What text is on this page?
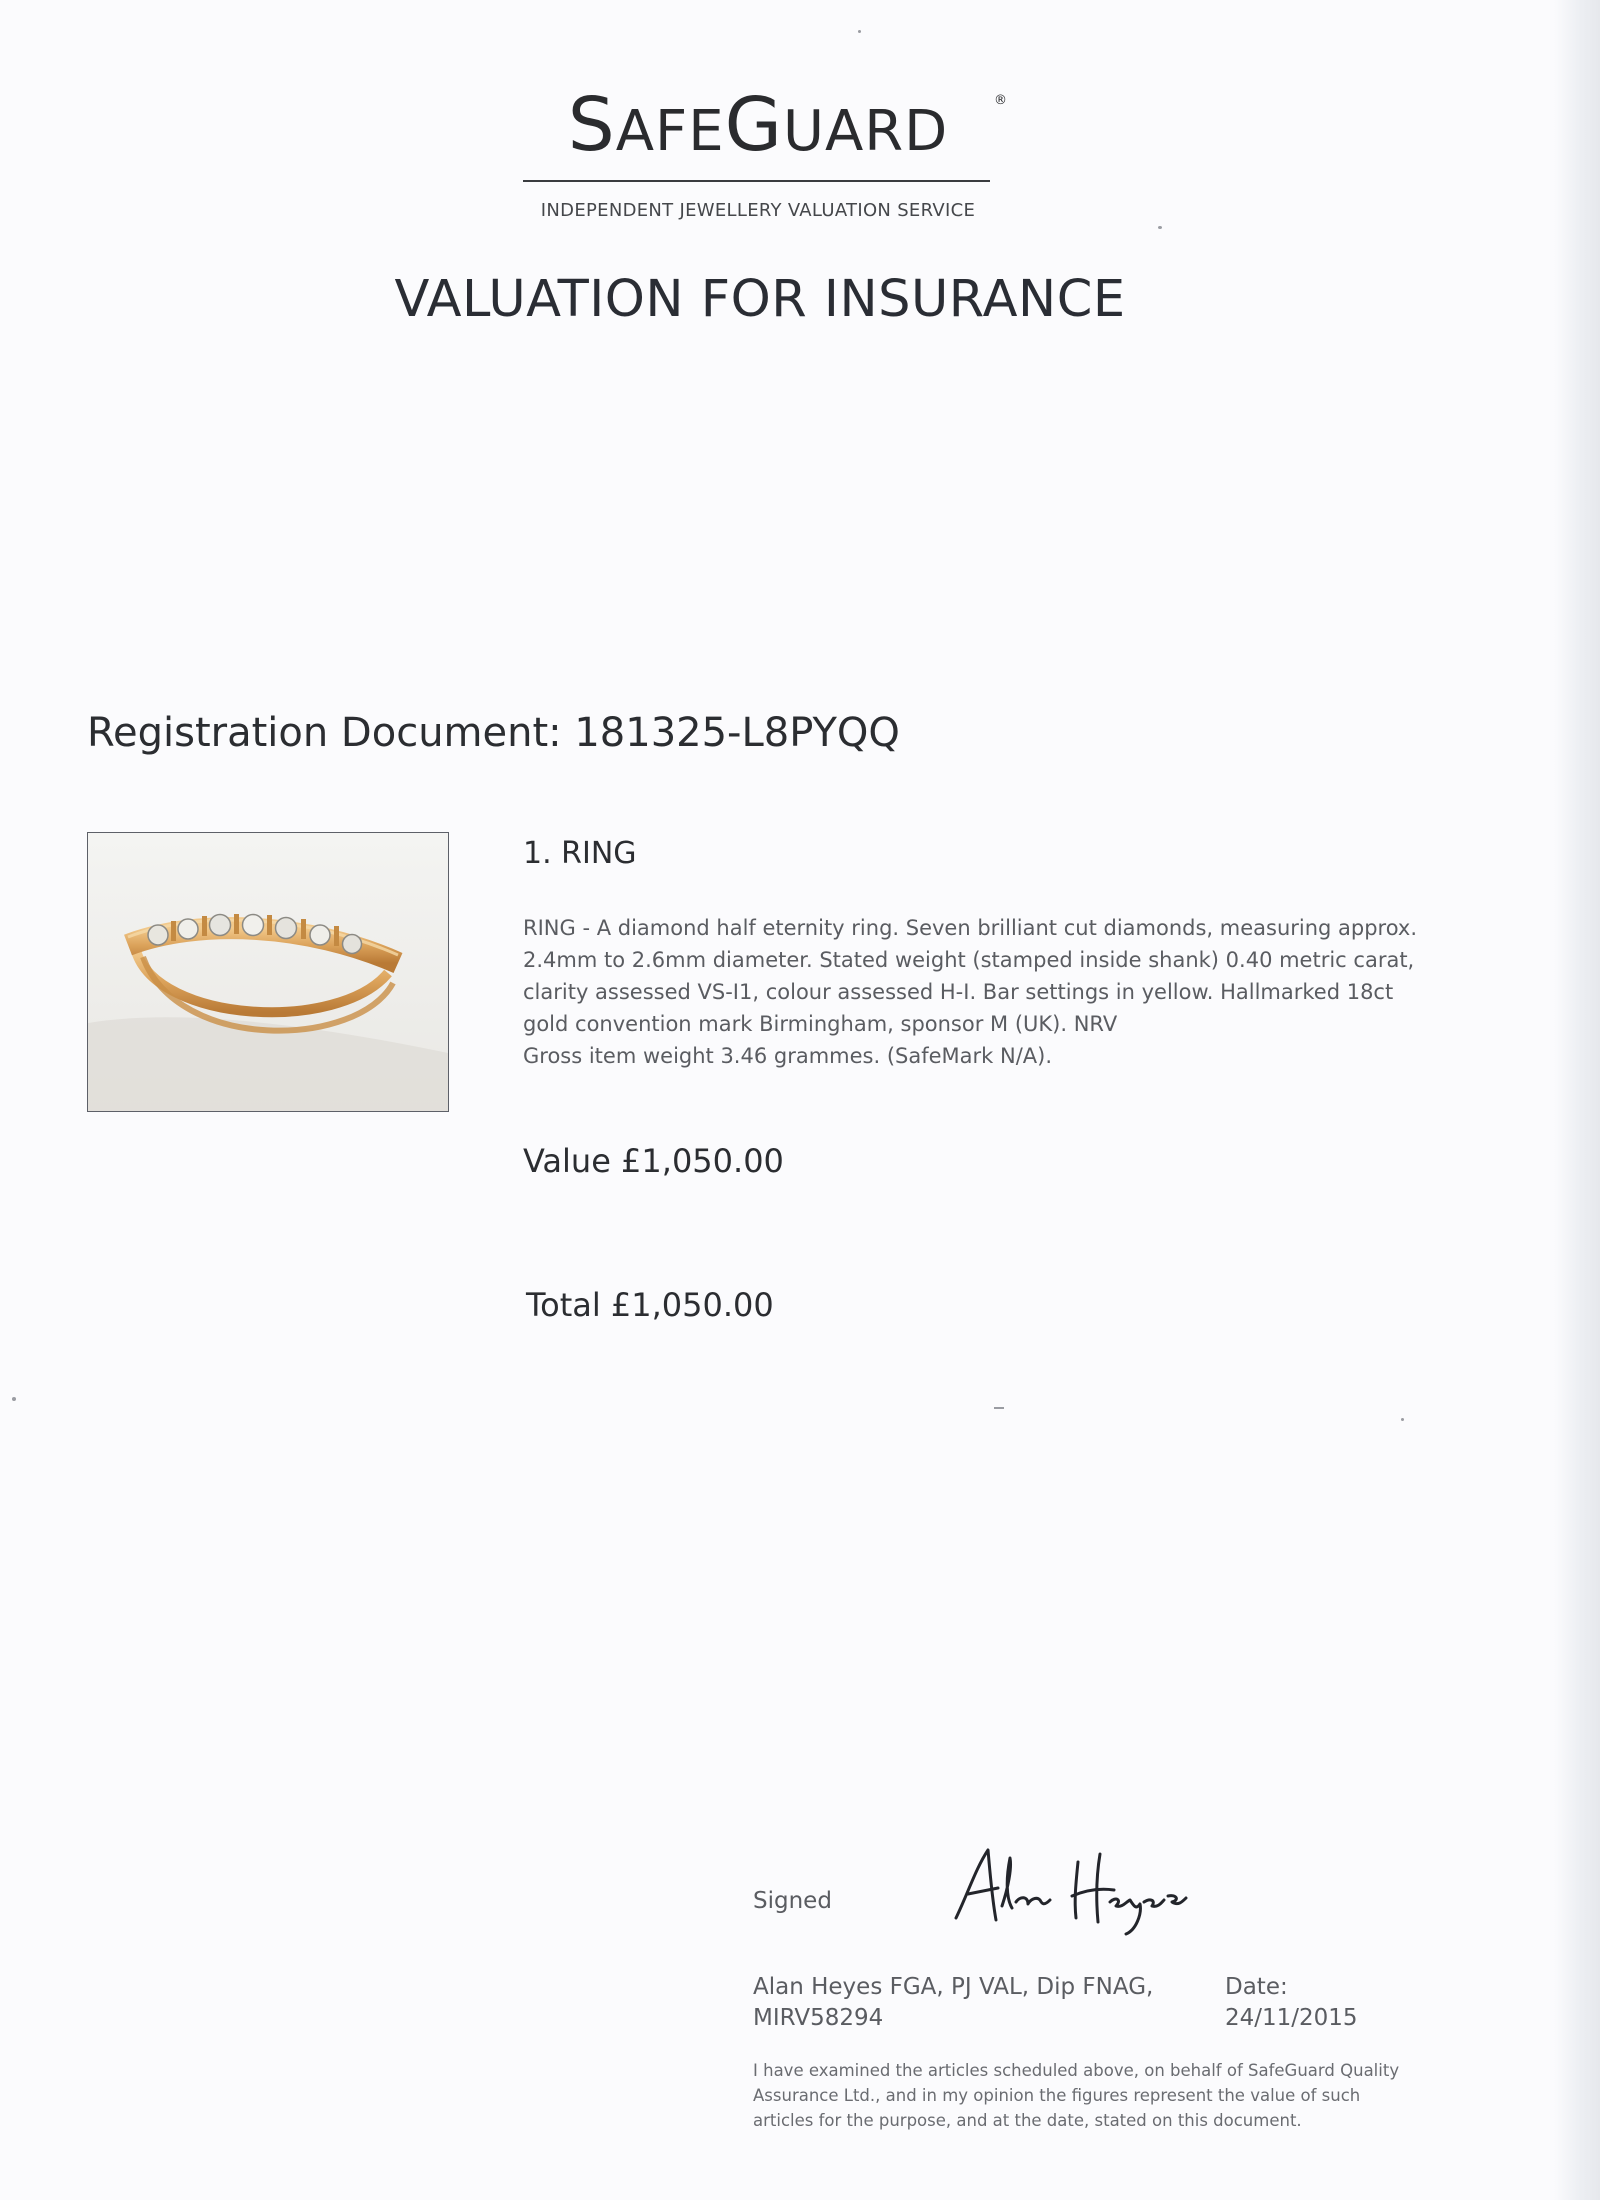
SAFEGUARD	®
INDEPENDENT JEWELLERY VALUATION SERVICE
VALUATION FOR INSURANCE
Registration Document: 181325-L8PYQQ
1. RING
RING - A diamond half eternity ring. Seven brilliant cut diamonds, measuring approx.
2.4mm to 2.6mm diameter. Stated weight (stamped inside shank) 0.40 metric carat,
clarity assessed VS-I1, colour assessed H-I. Bar settings in yellow. Hallmarked 18ct
gold convention mark Birmingham, sponsor M (UK). NRV
Gross item weight 3.46 grammes. (SafeMark N/A).
Value £1,050.00
Total £1,050.00
Signed
Alan Heyes FGA, PJ VAL, Dip FNAG,
MIRV58294
Date:
24/11/2015
I have examined the articles scheduled above, on behalf of SafeGuard Quality
Assurance Ltd., and in my opinion the figures represent the value of such
articles for the purpose, and at the date, stated on this document.
